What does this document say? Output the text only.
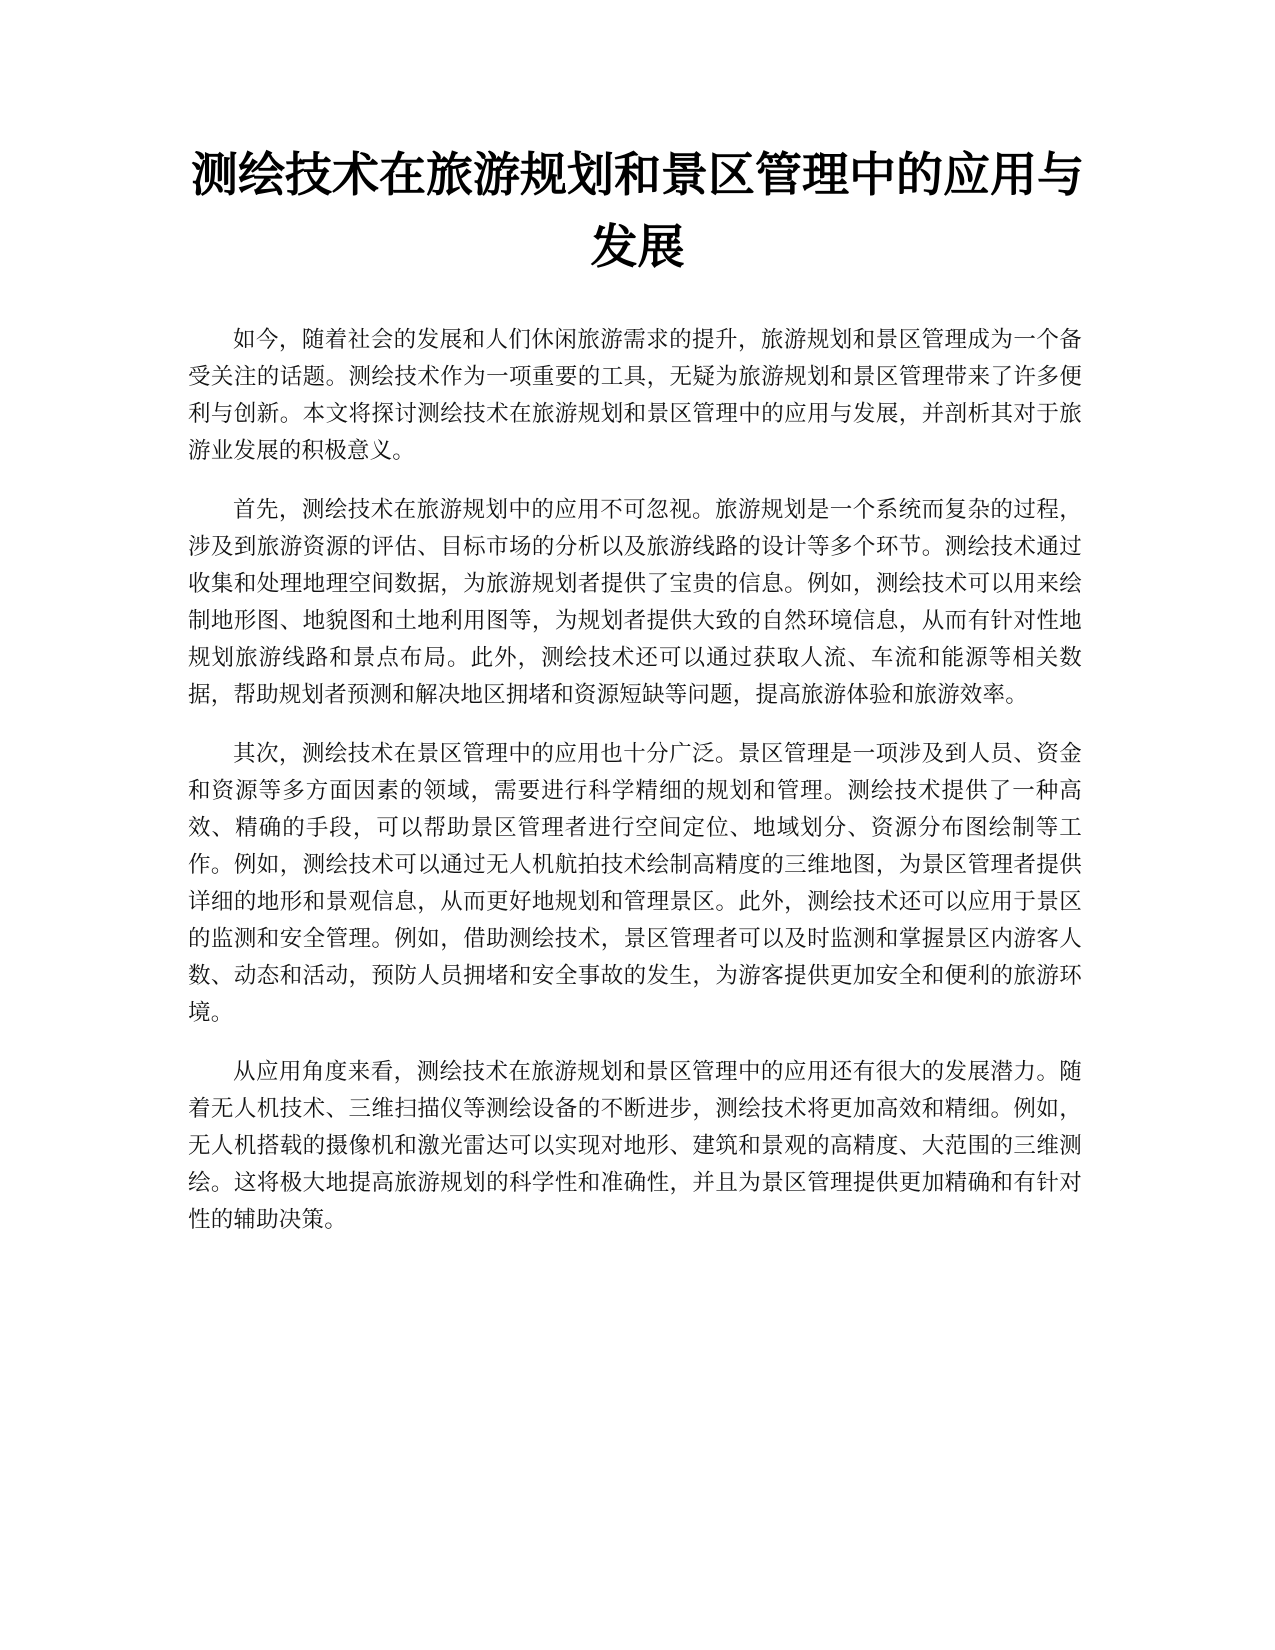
测绘技术在旅游规划和景区管理中的应用与发展

如今，随着社会的发展和人们休闲旅游需求的提升，旅游规划和景区管理成为一个备受关注的话题。测绘技术作为一项重要的工具，无疑为旅游规划和景区管理带来了许多便利与创新。本文将探讨测绘技术在旅游规划和景区管理中的应用与发展，并剖析其对于旅游业发展的积极意义。

首先，测绘技术在旅游规划中的应用不可忽视。旅游规划是一个系统而复杂的过程，涉及到旅游资源的评估、目标市场的分析以及旅游线路的设计等多个环节。测绘技术通过收集和处理地理空间数据，为旅游规划者提供了宝贵的信息。例如，测绘技术可以用来绘制地形图、地貌图和土地利用图等，为规划者提供大致的自然环境信息，从而有针对性地规划旅游线路和景点布局。此外，测绘技术还可以通过获取人流、车流和能源等相关数据，帮助规划者预测和解决地区拥堵和资源短缺等问题，提高旅游体验和旅游效率。

其次，测绘技术在景区管理中的应用也十分广泛。景区管理是一项涉及到人员、资金和资源等多方面因素的领域，需要进行科学精细的规划和管理。测绘技术提供了一种高效、精确的手段，可以帮助景区管理者进行空间定位、地域划分、资源分布图绘制等工作。例如，测绘技术可以通过无人机航拍技术绘制高精度的三维地图，为景区管理者提供详细的地形和景观信息，从而更好地规划和管理景区。此外，测绘技术还可以应用于景区的监测和安全管理。例如，借助测绘技术，景区管理者可以及时监测和掌握景区内游客人数、动态和活动，预防人员拥堵和安全事故的发生，为游客提供更加安全和便利的旅游环境。

从应用角度来看，测绘技术在旅游规划和景区管理中的应用还有很大的发展潜力。随着无人机技术、三维扫描仪等测绘设备的不断进步，测绘技术将更加高效和精细。例如，无人机搭载的摄像机和激光雷达可以实现对地形、建筑和景观的高精度、大范围的三维测绘。这将极大地提高旅游规划的科学性和准确性，并且为景区管理提供更加精确和有针对性的辅助决策。
